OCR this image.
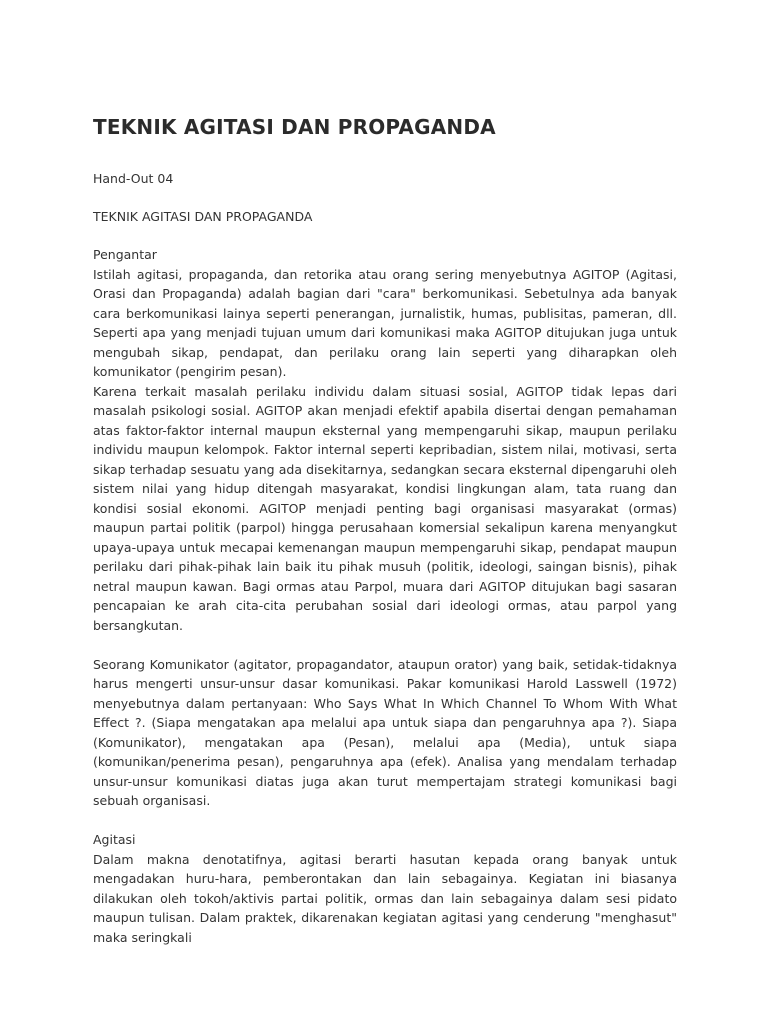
TEKNIK AGITASI DAN PROPAGANDA

Hand-Out 04

TEKNIK AGITASI DAN PROPAGANDA

Pengantar

Istilah agitasi, propaganda, dan retorika atau orang sering menyebutnya AGITOP (Agitasi, Orasi dan Propaganda) adalah bagian dari "cara" berkomunikasi. Sebetulnya ada banyak cara berkomunikasi lainya seperti penerangan, jurnalistik, humas, publisitas, pameran, dll. Seperti apa yang menjadi tujuan umum dari komunikasi maka AGITOP ditujukan juga untuk mengubah sikap, pendapat, dan perilaku orang lain seperti yang diharapkan oleh komunikator (pengirim pesan).

Karena terkait masalah perilaku individu dalam situasi sosial, AGITOP tidak lepas dari masalah psikologi sosial. AGITOP akan menjadi efektif apabila disertai dengan pemahaman atas faktor-faktor internal maupun eksternal yang mempengaruhi sikap, maupun perilaku individu maupun kelompok. Faktor internal seperti kepribadian, sistem nilai, motivasi, serta sikap terhadap sesuatu yang ada disekitarnya, sedangkan secara eksternal dipengaruhi oleh sistem nilai yang hidup ditengah masyarakat, kondisi lingkungan alam, tata ruang dan kondisi sosial ekonomi. AGITOP menjadi penting bagi organisasi masyarakat (ormas) maupun partai politik (parpol) hingga perusahaan komersial sekalipun karena menyangkut upaya-upaya untuk mecapai kemenangan maupun mempengaruhi sikap, pendapat maupun perilaku dari pihak-pihak lain baik itu pihak musuh (politik, ideologi, saingan bisnis), pihak netral maupun kawan. Bagi ormas atau Parpol, muara dari AGITOP ditujukan bagi sasaran pencapaian ke arah cita-cita perubahan sosial dari ideologi ormas, atau parpol yang bersangkutan.

Seorang Komunikator (agitator, propagandator, ataupun orator) yang baik, setidak-tidaknya harus mengerti unsur-unsur dasar komunikasi. Pakar komunikasi Harold Lasswell (1972) menyebutnya dalam pertanyaan: Who Says What In Which Channel To Whom With What Effect ?. (Siapa mengatakan apa melalui apa untuk siapa dan pengaruhnya apa ?). Siapa (Komunikator), mengatakan apa (Pesan), melalui apa (Media), untuk siapa (komunikan/penerima pesan), pengaruhnya apa (efek). Analisa yang mendalam terhadap unsur-unsur komunikasi diatas juga akan turut mempertajam strategi komunikasi bagi sebuah organisasi.

Agitasi

Dalam makna denotatifnya, agitasi berarti hasutan kepada orang banyak untuk mengadakan huru-hara, pemberontakan dan lain sebagainya. Kegiatan ini biasanya dilakukan oleh tokoh/aktivis partai politik, ormas dan lain sebagainya dalam sesi pidato maupun tulisan. Dalam praktek, dikarenakan kegiatan agitasi yang cenderung "menghasut" maka seringkali
